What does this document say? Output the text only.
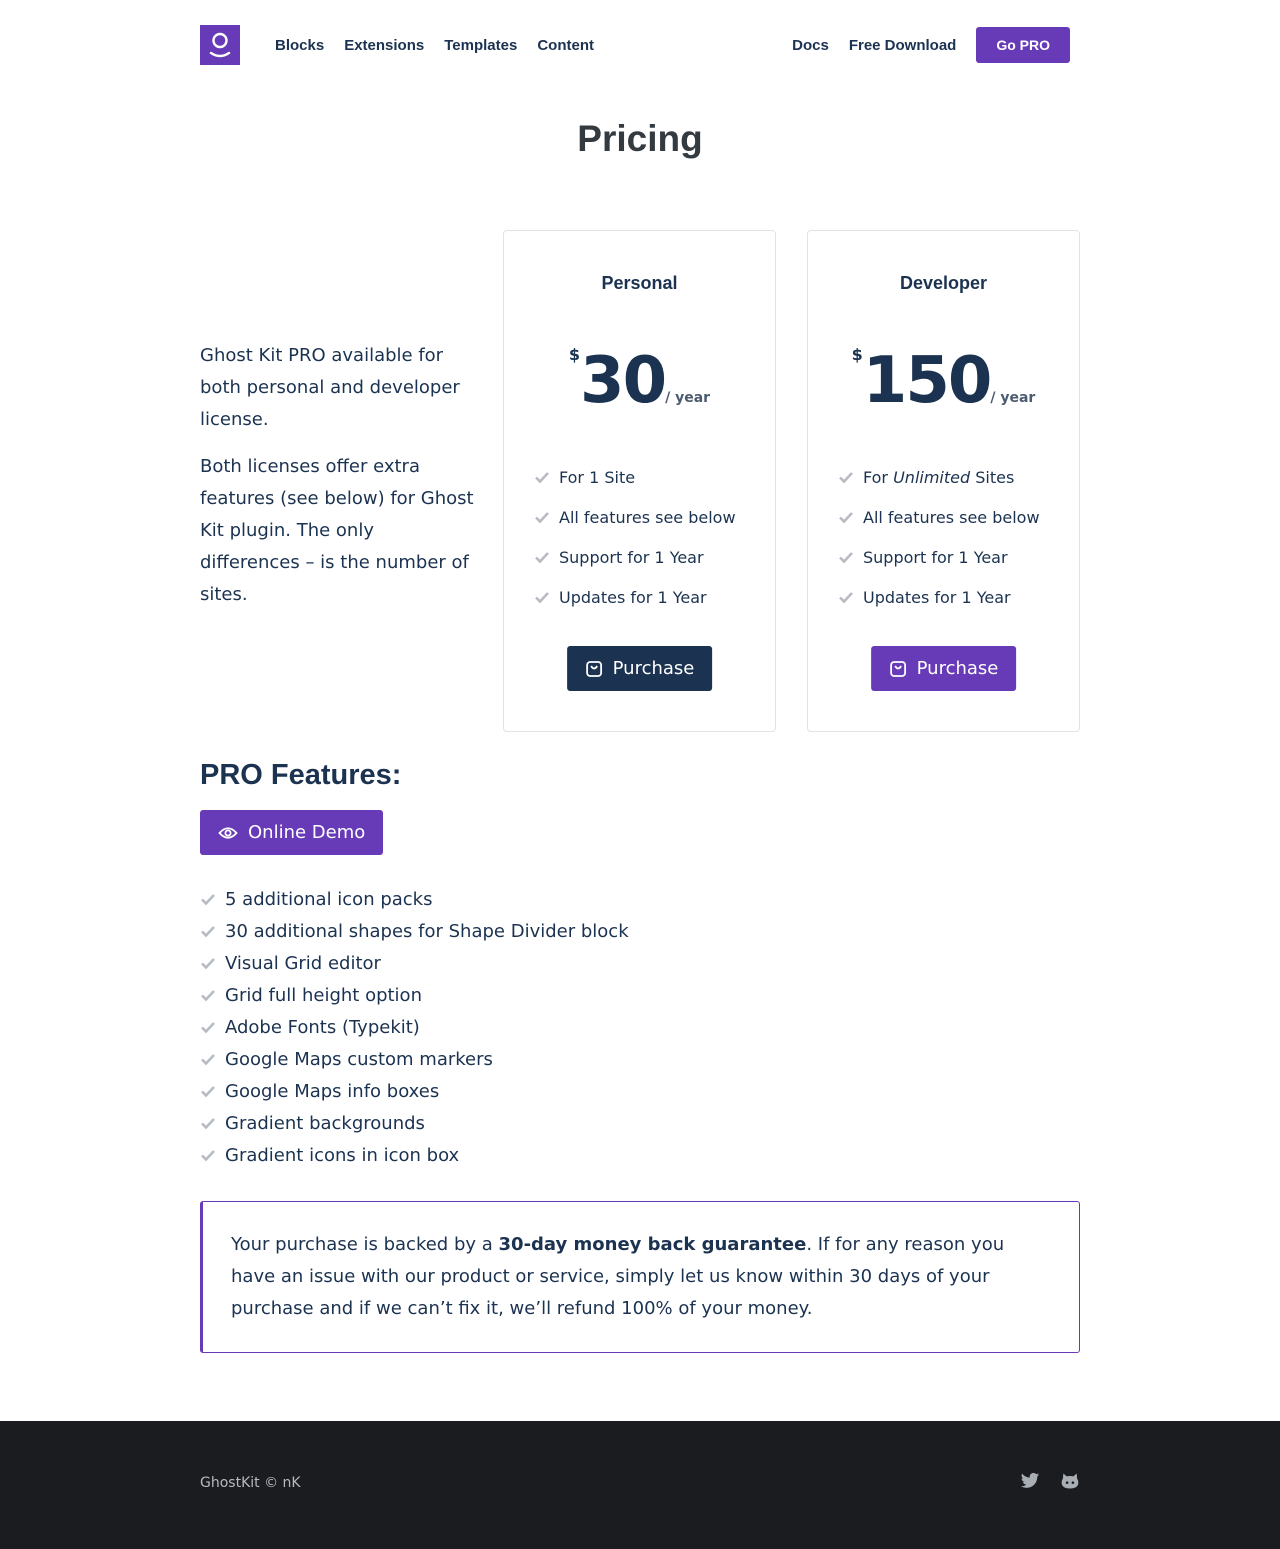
Blocks Extensions Templates Content	Docs Free Download	Go PRO
Pricing

Ghost Kit PRO available for both personal and developer license.

Both licenses offer extra features (see below) for Ghost Kit plugin. The only differences – is the number of sites.

Personal
$30/ year
For 1 Site
All features see below
Support for 1 Year
Updates for 1 Year
Purchase
Developer
$150/ year
For
Unlimited
Sites
All features see below
Support for 1 Year
Updates for 1 Year
Purchase
PRO Features:
Online Demo
5 additional icon packs
30 additional shapes for Shape Divider block
Visual Grid editor
Grid full height option
Adobe Fonts (Typekit)
Google Maps custom markers
Google Maps info boxes
Gradient backgrounds
Gradient icons in icon box

Your purchase is backed by a 30-day money back guarantee. If for any reason you have an issue with our product or service, simply let us know within 30 days of your purchase and if we can’t fix it, we’ll refund 100% of your money.

GhostKit © nK
